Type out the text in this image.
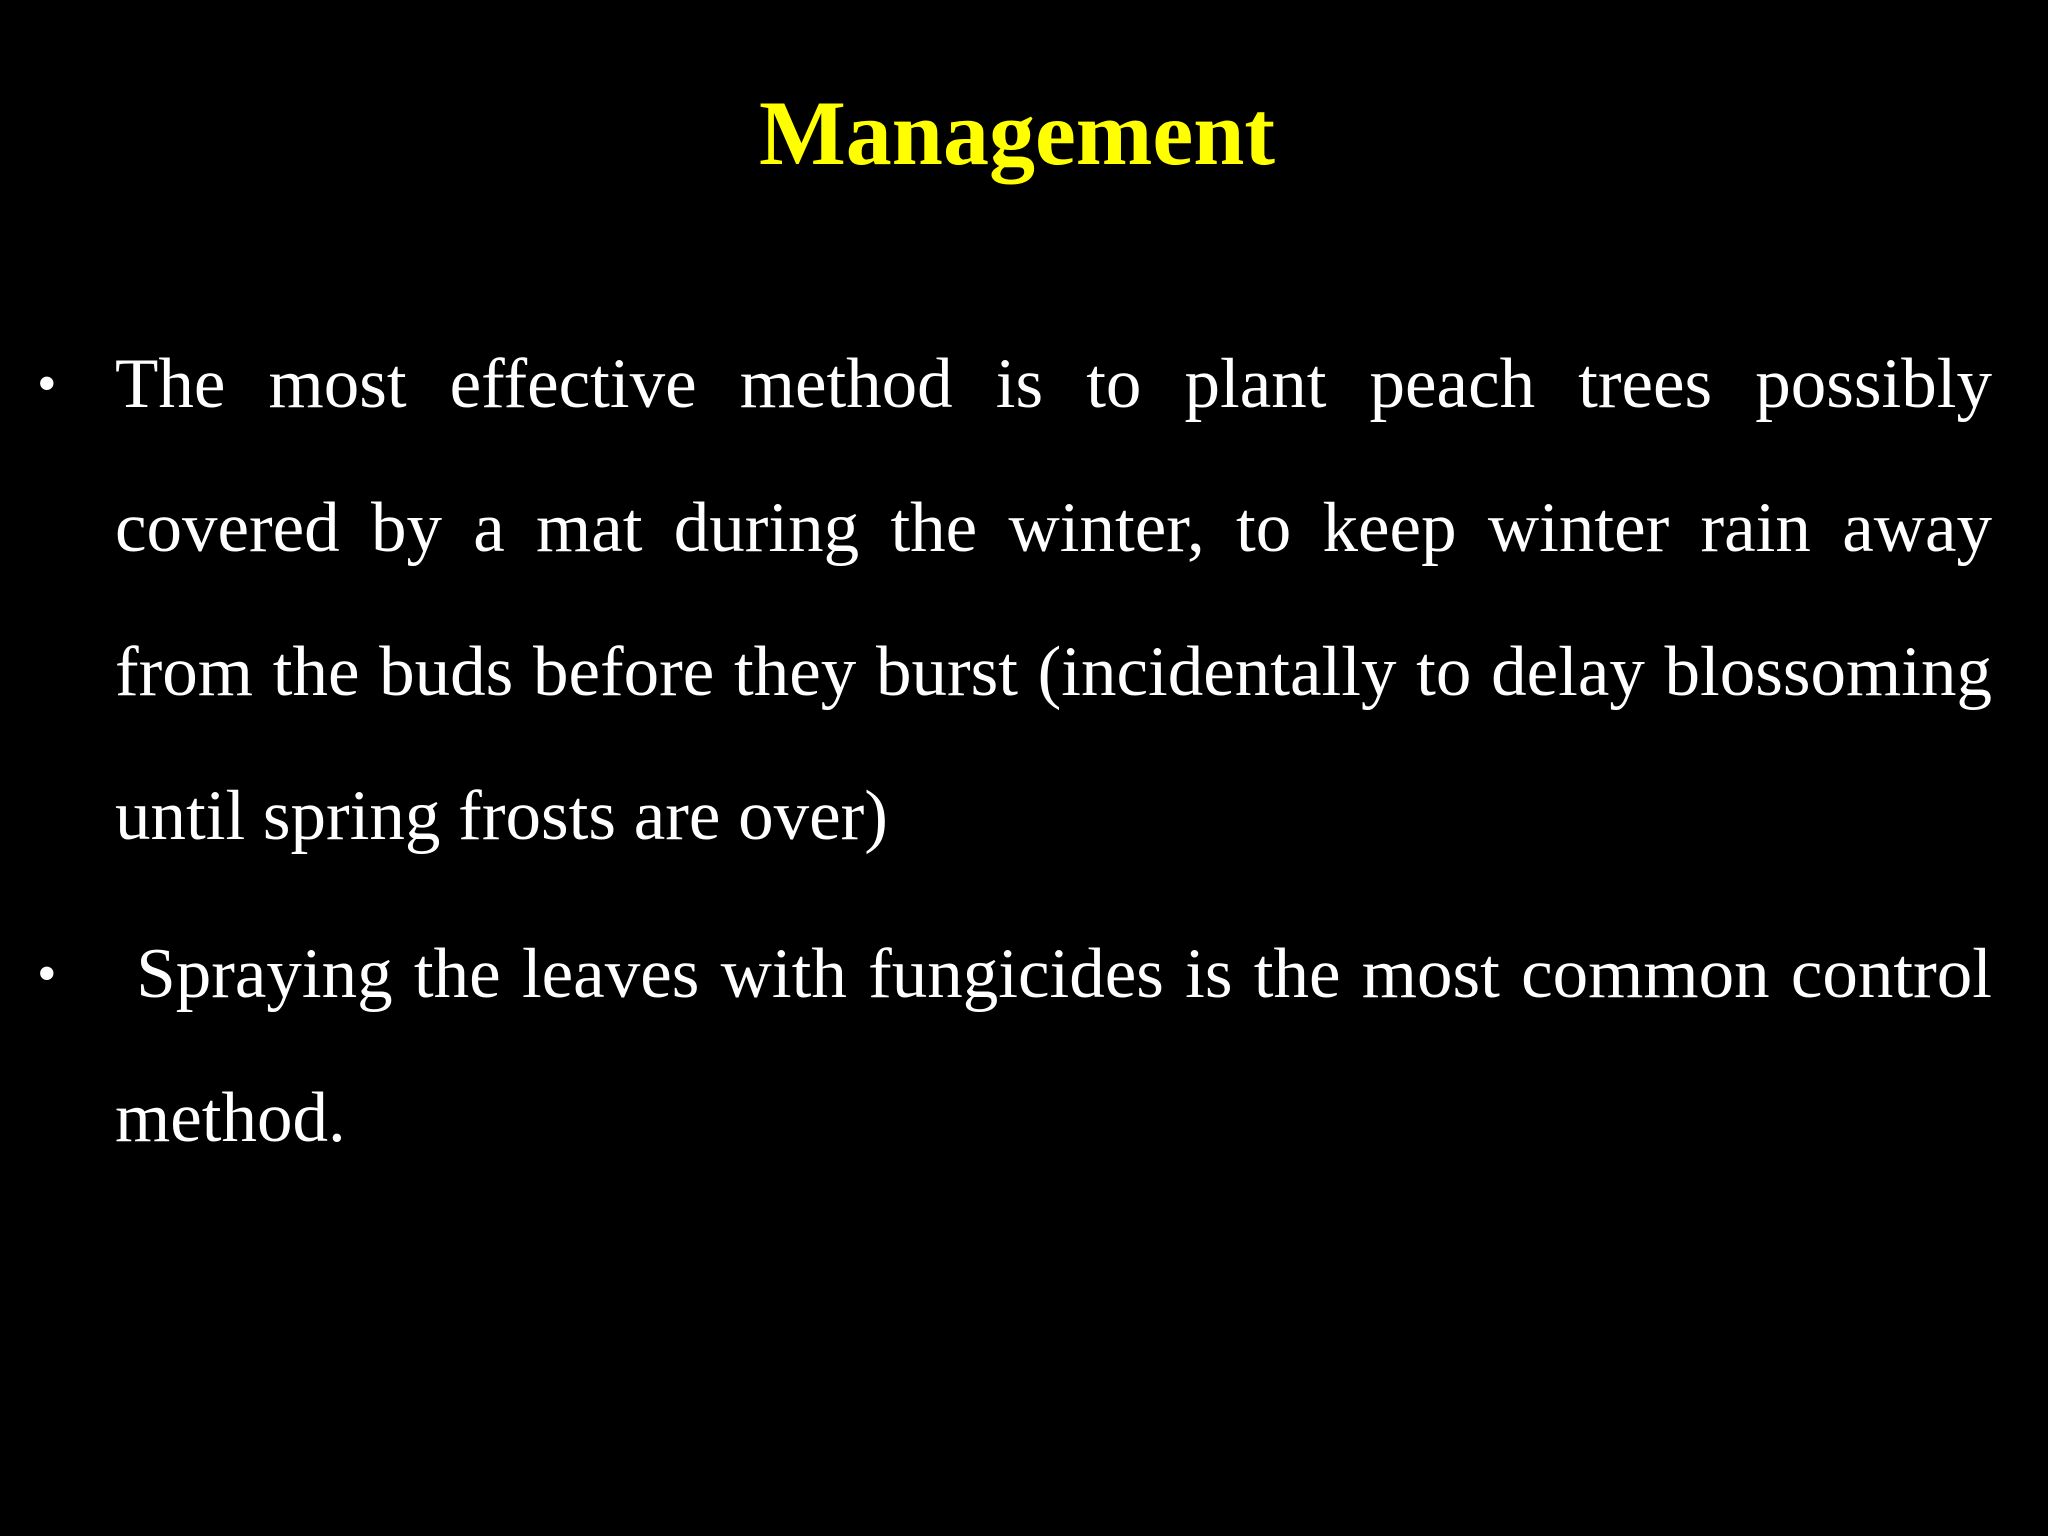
Management
• The most effective method is to plant peach trees possibly covered by a mat during the winter, to keep winter rain away from the buds before they burst (incidentally to delay blossoming until spring frosts are over)
• Spraying the leaves with fungicides is the most common control method.
